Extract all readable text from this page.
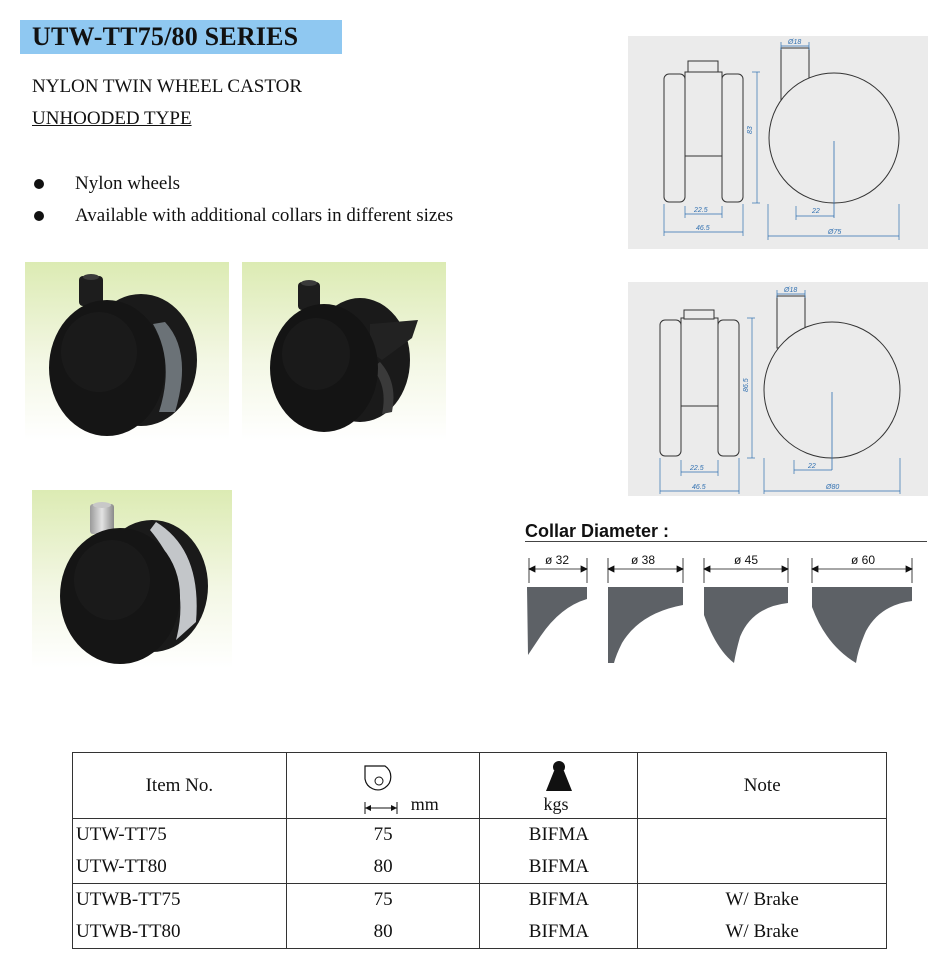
UTW-TT75/80 SERIES
NYLON TWIN WHEEL CASTOR
UNHOODED TYPE
Nylon wheels
Available with additional collars in different sizes
Ø18
83
22.5
46.5
22
Ø75
Ø18
86.5
22.5
46.5
22
Ø80
Collar Diameter :
ø 32	ø 38	ø 45	ø 60
Item No.	mm	kgs	Note
UTW-TT75	75	BIFMA	
UTW-TT80	80	BIFMA	
UTWB-TT75	75	BIFMA	W/ Brake
UTWB-TT80	80	BIFMA	W/ Brake
